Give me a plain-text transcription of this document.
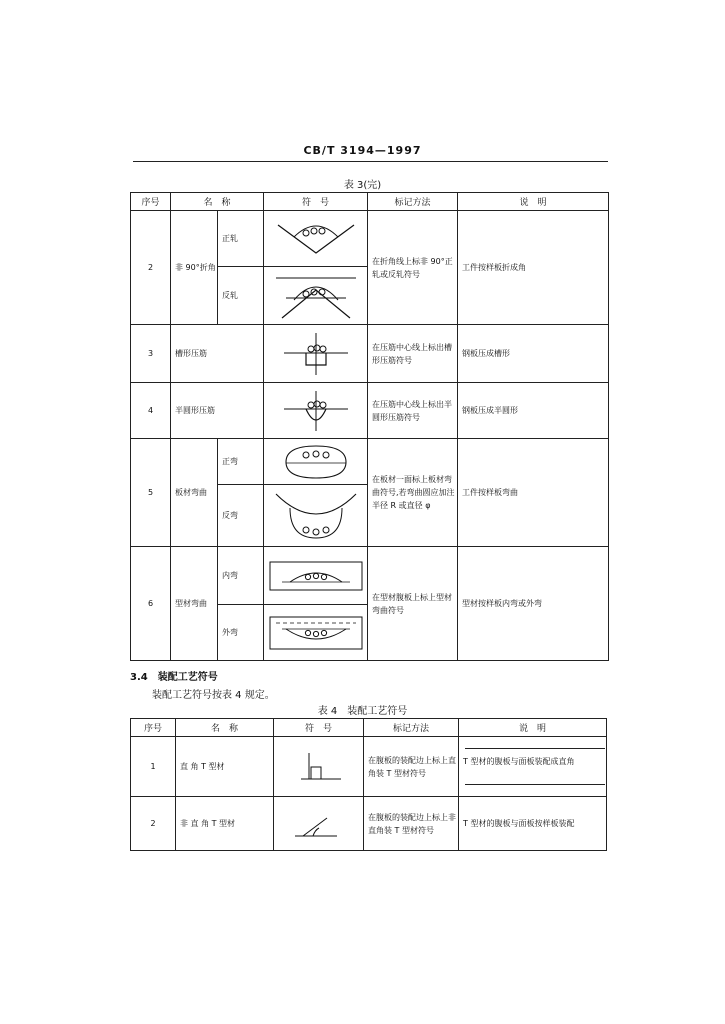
CB/T 3194—1997
表 3(完)
序号	名　称		符　号	标记方法	说　明
2	非 90°折角	正轧		在折角线上标非 90°正轧或反轧符号	工件按样板折成角
		反轧	

3	槽形压筋			在压筋中心线上标出槽形压筋符号	钢板压成槽形
4	半圆形压筋			在压筋中心线上标出半圆形压筋符号	钢板压成半圆形
5	板材弯曲	正弯		在板材一面标上板材弯曲符号,若弯曲圆应加注半径 R 或直径 φ	工件按样板弯曲
		反弯	

6	型材弯曲	内弯		在型材腹板上标上型材弯曲符号	型材按样板内弯或外弯
		外弯	
3.4　装配工艺符号
装配工艺符号按表 4 规定。
表 4　装配工艺符号
序号	名　称	符　号	标记方法	说　明
1	直 角 T 型材		在腹板的装配边上标上直角装 T 型材符号	T 型材的腹板与面板装配成直角

2	非 直 角 T 型材		在腹板的装配边上标上非直角装 T 型材符号	T 型材的腹板与面板按样板装配
